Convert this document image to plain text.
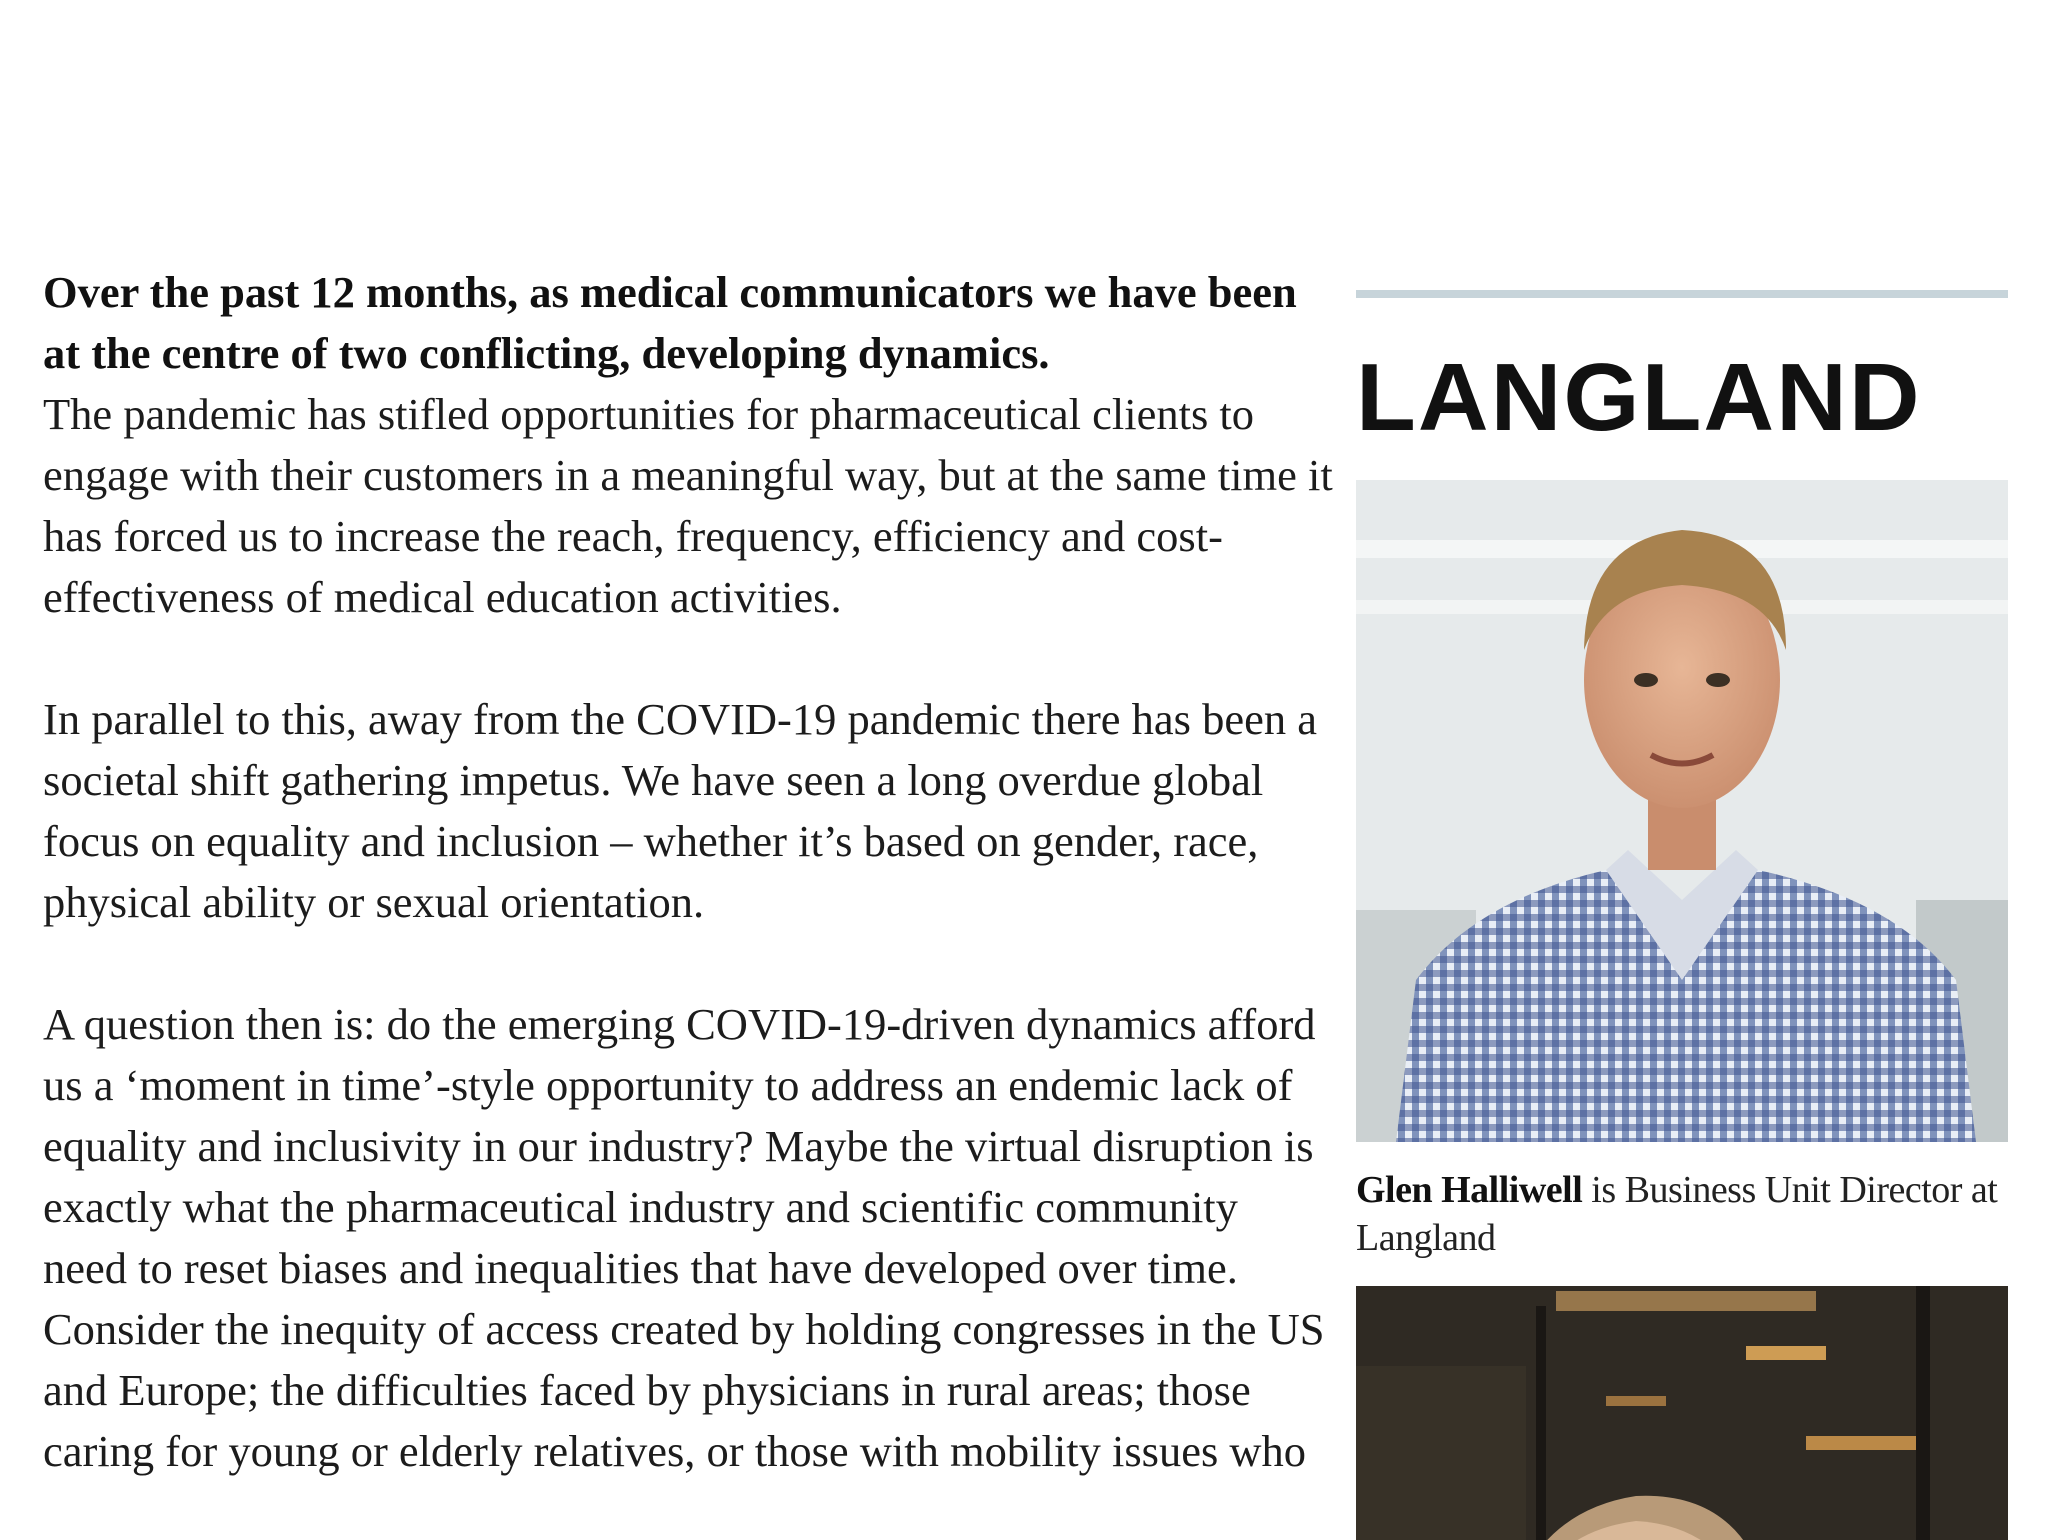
Over the past 12 months, as medical communicators we have been at the centre of two conflicting, developing dynamics.
The pandemic has stifled opportunities for pharmaceutical clients to engage with their customers in a meaningful way, but at the same time it has forced us to increase the reach, frequency, efficiency and cost-effectiveness of medical education activities.

In parallel to this, away from the COVID-19 pandemic there has been a societal shift gathering impetus. We have seen a long overdue global focus on equality and inclusion – whether it’s based on gender, race, physical ability or sexual orientation.

A question then is: do the emerging COVID-19-driven dynamics afford us a ‘moment in time’-style opportunity to address an endemic lack of equality and inclusivity in our industry? Maybe the virtual disruption is exactly what the pharmaceutical industry and scientific community need to reset biases and inequalities that have developed over time. Consider the inequity of access created by holding congresses in the US and Europe; the difficulties faced by physicians in rural areas; those caring for young or elderly relatives, or those with mobility issues who

LANGLAND
Glen Halliwell is Business Unit Director at Langland
